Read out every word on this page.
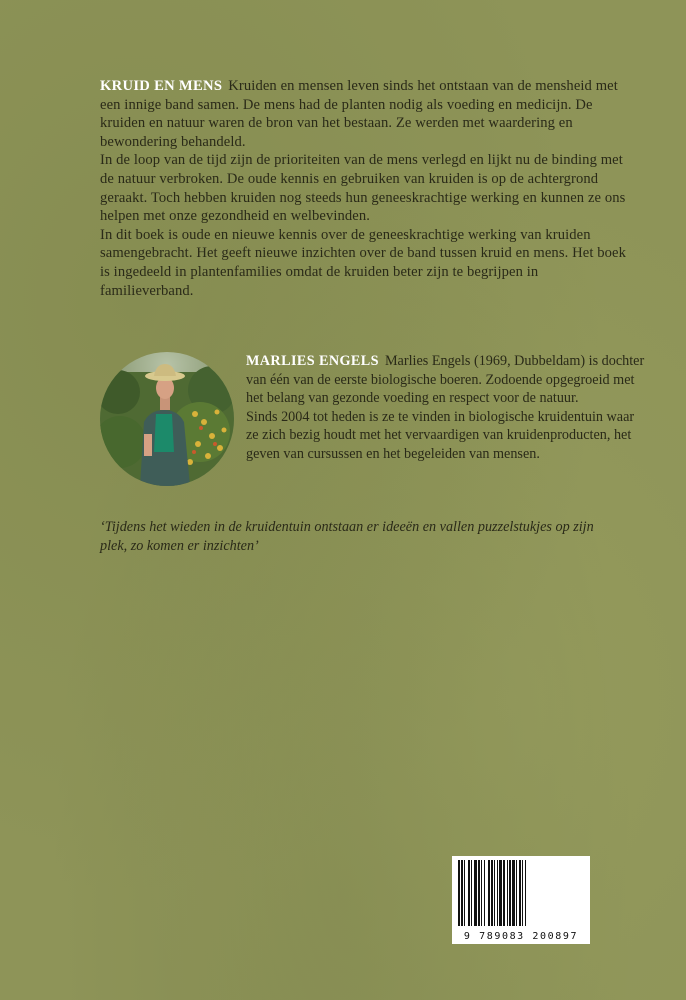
KRUID EN MENS Kruiden en mensen leven sinds het ontstaan van de mensheid met een innige band samen. De mens had de planten nodig als voeding en medicijn. De kruiden en natuur waren de bron van het bestaan. Ze werden met waardering en bewondering behandeld.

In de loop van de tijd zijn de prioriteiten van de mens verlegd en lijkt nu de binding met de natuur verbroken. De oude kennis en gebruiken van kruiden is op de achtergrond geraakt. Toch hebben kruiden nog steeds hun geneeskrachtige werking en kunnen ze ons helpen met onze gezondheid en welbevinden.

In dit boek is oude en nieuwe kennis over de geneeskrachtige werking van kruiden samengebracht. Het geeft nieuwe inzichten over de band tussen kruid en mens. Het boek is ingedeeld in plantenfamilies omdat de kruiden beter zijn te begrijpen in familieverband.

MARLIES ENGELS Marlies Engels (1969, Dubbeldam) is dochter van één van de eerste biologische boeren. Zodoende opgegroeid met het belang van gezonde voeding en respect voor de natuur.

Sinds 2004 tot heden is ze te vinden in biologische kruidentuin waar ze zich bezig houdt met het vervaardigen van kruidenproducten, het geven van cursussen en het begeleiden van mensen.

‘Tijdens het wieden in de kruidentuin ontstaan er ideeën en vallen puzzelstukjes op zijn plek, zo komen er inzichten’
9 789083 200897
